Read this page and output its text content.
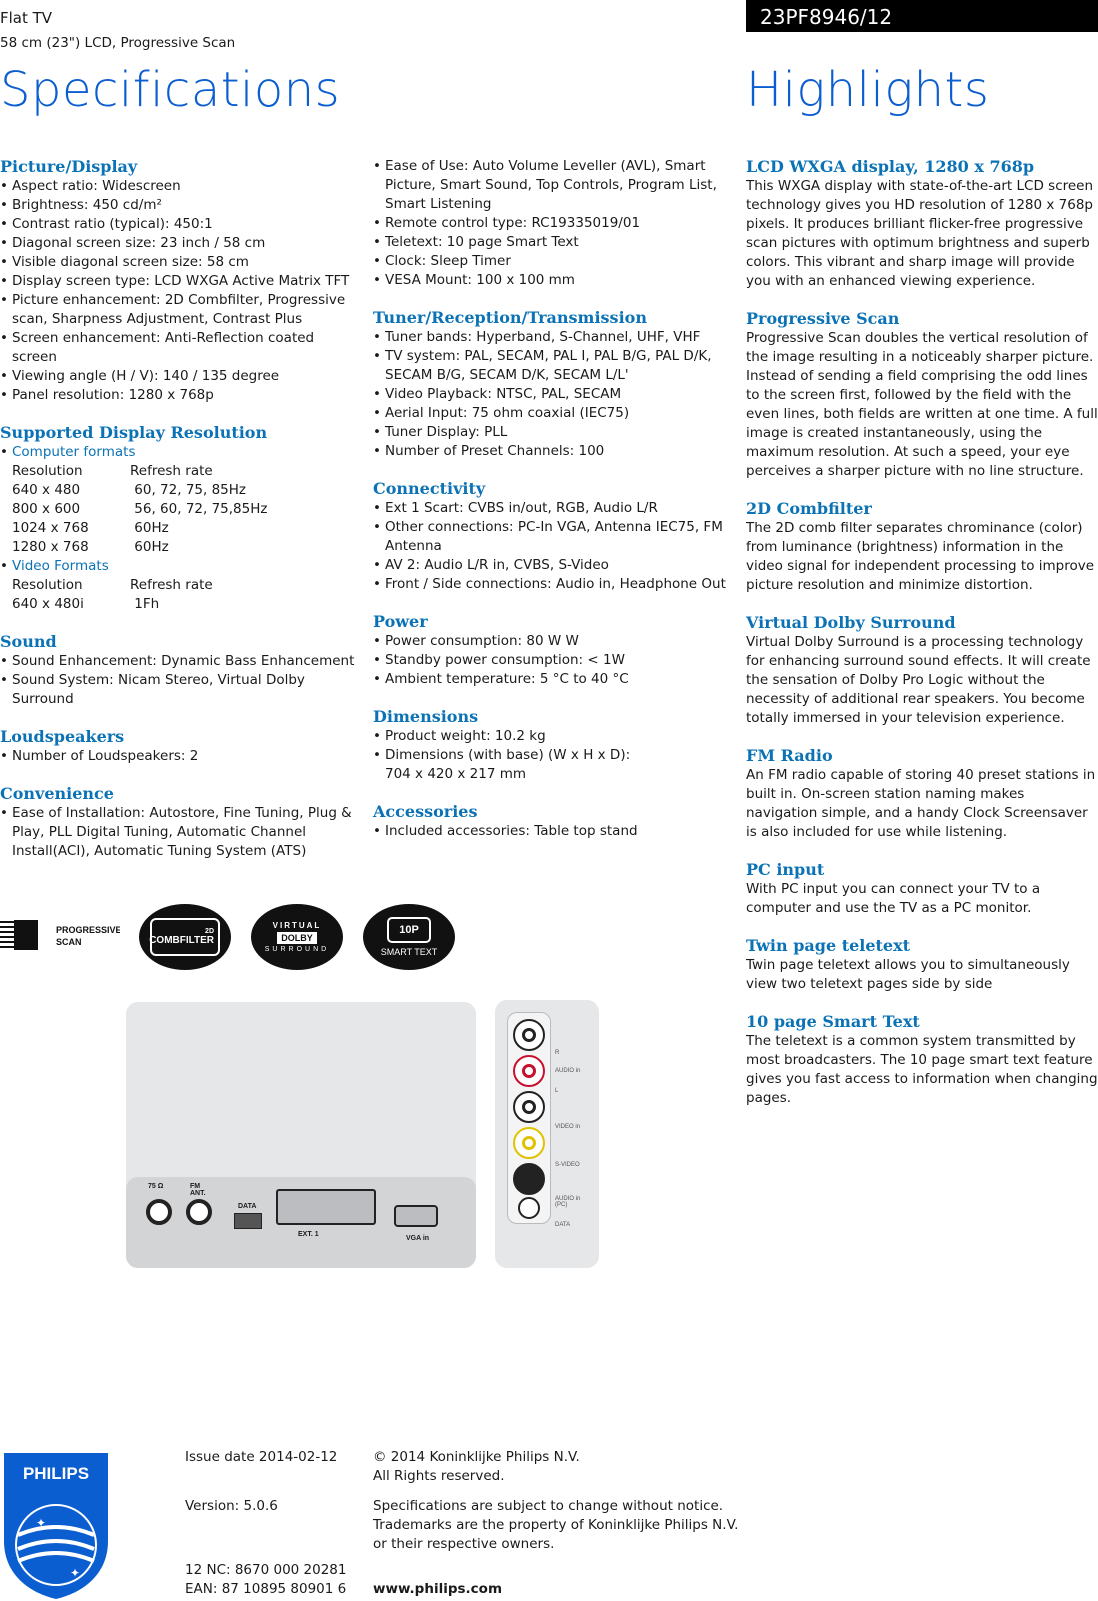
Flat TV
58 cm (23") LCD, Progressive Scan
23PF8946/12
Specifications	Highlights
Picture/Display
• Aspect ratio: Widescreen
• Brightness: 450 cd/m²
• Contrast ratio (typical): 450:1
• Diagonal screen size: 23 inch / 58 cm
• Visible diagonal screen size: 58 cm
• Display screen type: LCD WXGA Active Matrix TFT
• Picture enhancement: 2D Combfilter, Progressive scan, Sharpness Adjustment, Contrast Plus
• Screen enhancement: Anti-Reflection coated screen
• Viewing angle (H / V): 140 / 135 degree
• Panel resolution: 1280 x 768p
Supported Display Resolution
• Computer formats
Resolution	Refresh rate
640 x 480	60, 72, 75, 85Hz
800 x 600	56, 60, 72, 75,85Hz
1024 x 768	60Hz
1280 x 768	60Hz
• Video Formats
Resolution	Refresh rate
640 x 480i	1Fh
Sound
• Sound Enhancement: Dynamic Bass Enhancement
• Sound System: Nicam Stereo, Virtual Dolby Surround
Loudspeakers
• Number of Loudspeakers: 2
Convenience
• Ease of Installation: Autostore, Fine Tuning, Plug & Play, PLL Digital Tuning, Automatic Channel Install(ACI), Automatic Tuning System (ATS)
• Ease of Use: Auto Volume Leveller (AVL), Smart Picture, Smart Sound, Top Controls, Program List, Smart Listening
• Remote control type: RC19335019/01
• Teletext: 10 page Smart Text
• Clock: Sleep Timer
• VESA Mount: 100 x 100 mm
Tuner/Reception/Transmission
• Tuner bands: Hyperband, S-Channel, UHF, VHF
• TV system: PAL, SECAM, PAL I, PAL B/G, PAL D/K, SECAM B/G, SECAM D/K, SECAM L/L'
• Video Playback: NTSC, PAL, SECAM
• Aerial Input: 75 ohm coaxial (IEC75)
• Tuner Display: PLL
• Number of Preset Channels: 100
Connectivity
• Ext 1 Scart: CVBS in/out, RGB, Audio L/R
• Other connections: PC-In VGA, Antenna IEC75, FM Antenna
• AV 2: Audio L/R in, CVBS, S-Video
• Front / Side connections: Audio in, Headphone Out
Power
• Power consumption: 80 W W
• Standby power consumption: < 1W
• Ambient temperature: 5 °C to 40 °C
Dimensions
• Product weight: 10.2 kg
• Dimensions (with base) (W x H x D):
704 x 420 x 217 mm
Accessories
• Included accessories: Table top stand
LCD WXGA display, 1280 x 768p
This WXGA display with state-of-the-art LCD screen technology gives you HD resolution of 1280 x 768p pixels. It produces brilliant flicker-free progressive scan pictures with optimum brightness and superb colors. This vibrant and sharp image will provide you with an enhanced viewing experience.
Progressive Scan
Progressive Scan doubles the vertical resolution of the image resulting in a noticeably sharper picture. Instead of sending a field comprising the odd lines to the screen first, followed by the field with the even lines, both fields are written at one time. A full image is created instantaneously, using the maximum resolution. At such a speed, your eye perceives a sharper picture with no line structure.
2D Combfilter
The 2D comb filter separates chrominance (color) from luminance (brightness) information in the video signal for independent processing to improve picture resolution and minimize distortion.
Virtual Dolby Surround
Virtual Dolby Surround is a processing technology for enhancing surround sound effects. It will create the sensation of Dolby Pro Logic without the necessity of additional rear speakers. You become totally immersed in your television experience.
FM Radio
An FM radio capable of storing 40 preset stations in built in. On-screen station naming makes navigation simple, and a handy Clock Screensaver is also included for use while listening.
PC input
With PC input you can connect your TV to a computer and use the TV as a PC monitor.
Twin page teletext
Twin page teletext allows you to simultaneously view two teletext pages side by side
10 page Smart Text
The teletext is a common system transmitted by most broadcasters. The 10 page smart text feature gives you fast access to information when changing pages.
PROGRESSIVE
SCAN
2D
COMBFILTER
VIRTUAL
DOLBY
SURROUND
10P
SMART TEXT
75 Ω	FM ANT.
DATA
EXT. 1
VGA in
R
AUDIO in
L
VIDEO in
S-VIDEO
AUDIO in (PC)
DATA
PHILIPS
✦
✦
Issue date 2014-02-12
Version: 5.0.6
12 NC: 8670 000 20281
EAN: 87 10895 80901 6
© 2014 Koninklijke Philips N.V.
All Rights reserved.
Specifications are subject to change without notice.
Trademarks are the property of Koninklijke Philips N.V.
or their respective owners.
www.philips.com
